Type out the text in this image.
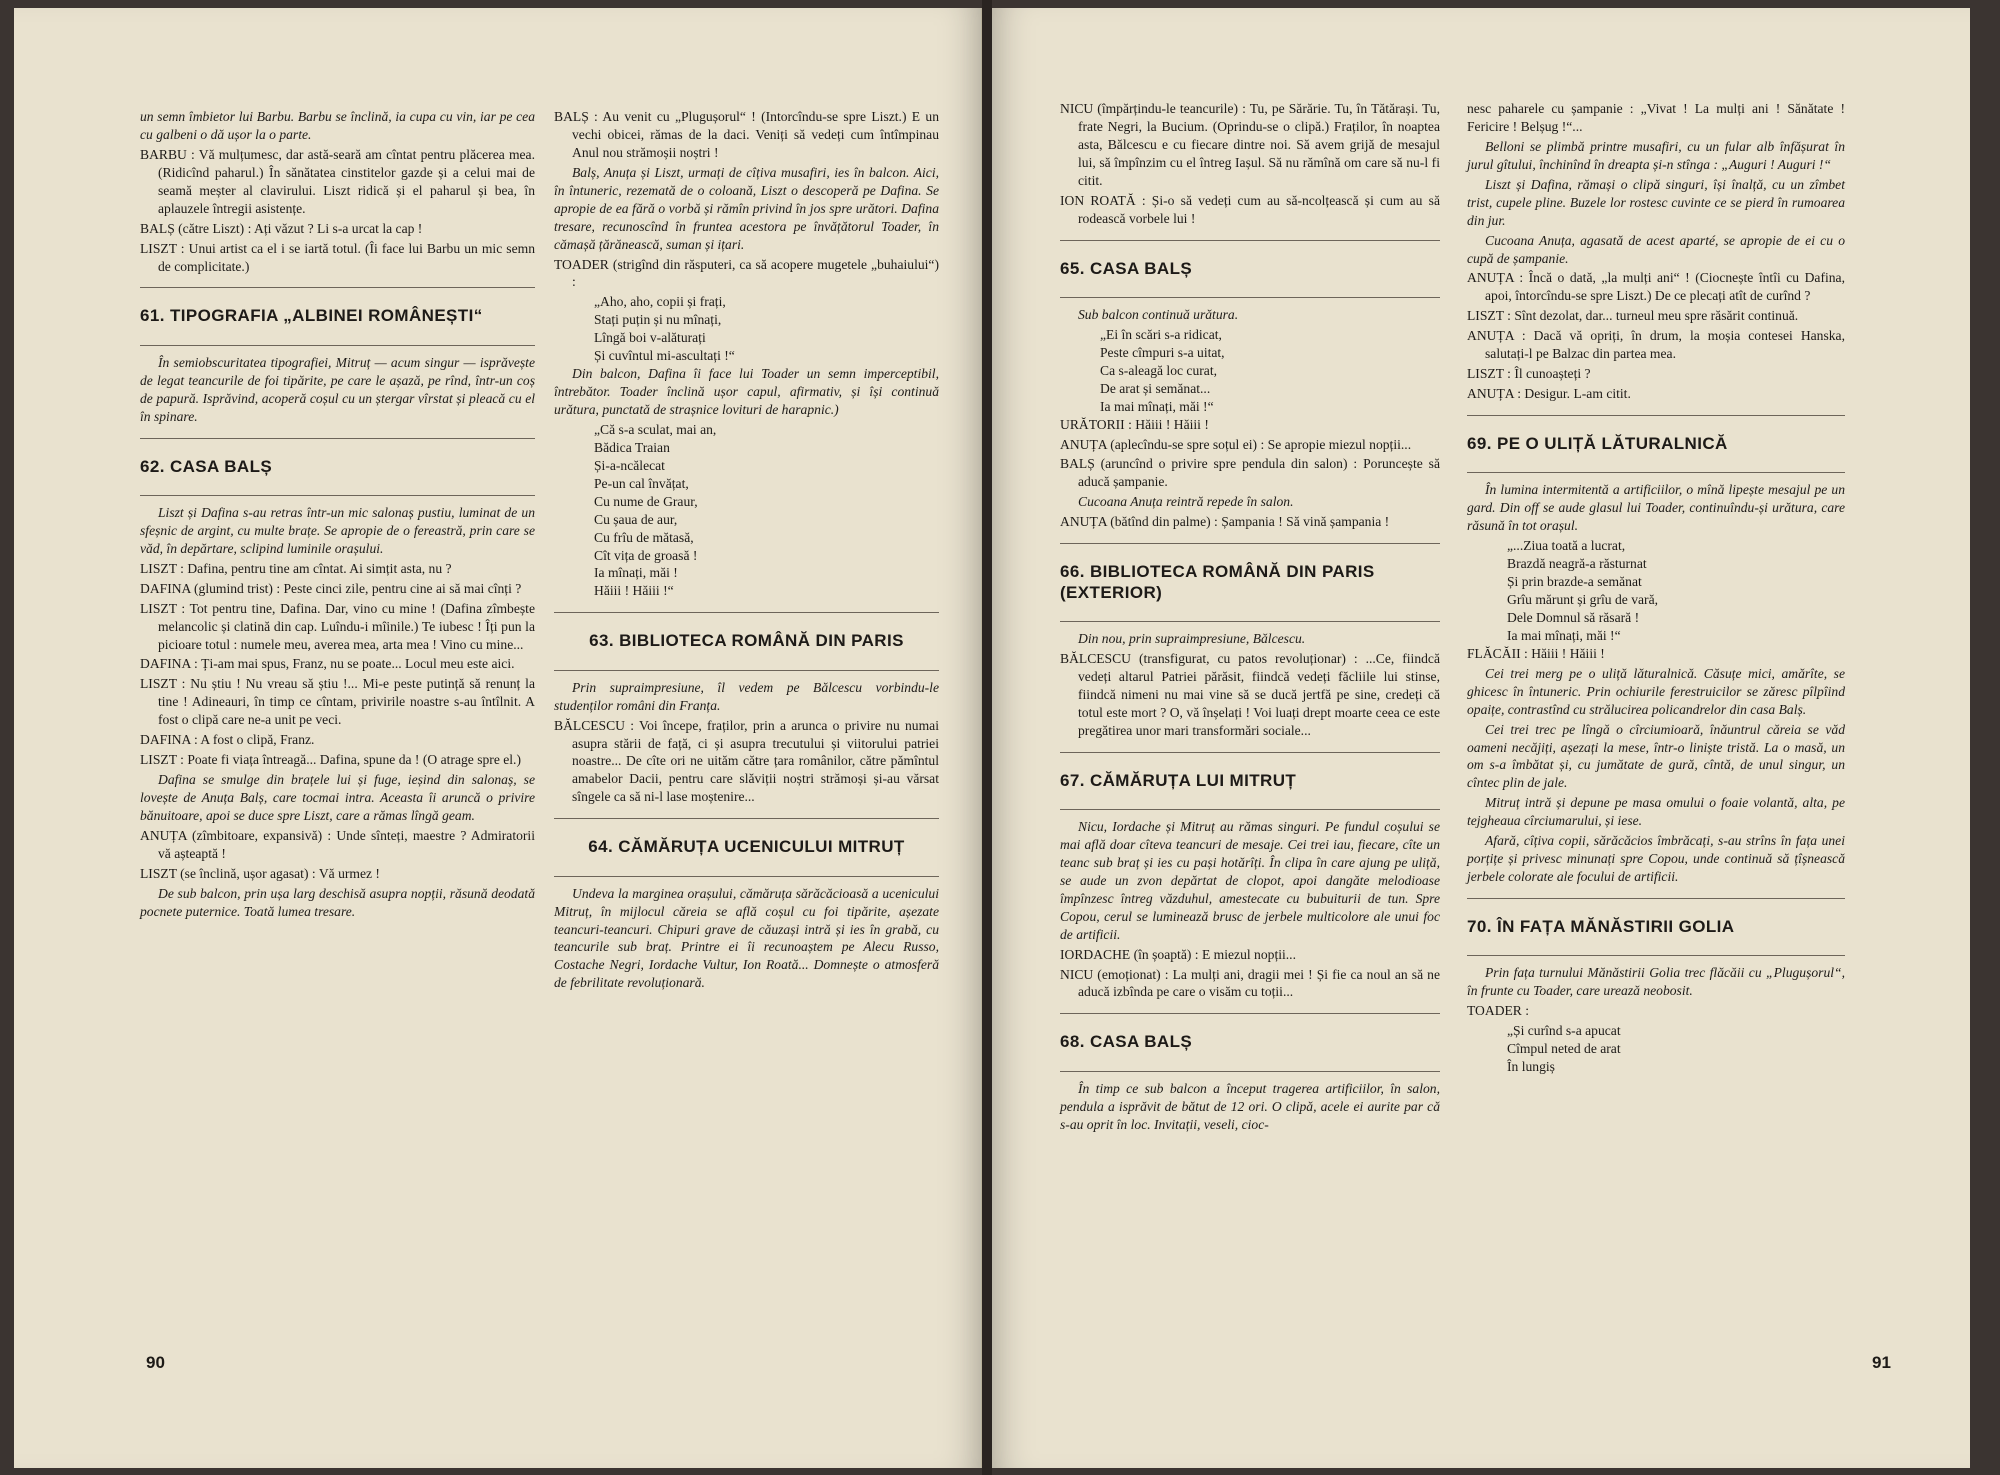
un semn îmbietor lui Barbu. Barbu se înclină, ia cupa cu vin, iar pe cea cu galbeni o dă ușor la o parte.

BARBU : Vă mulțumesc, dar astă-seară am cîntat pentru plăcerea mea. (Ridicînd paharul.) În sănătatea cinstitelor gazde și a celui mai de seamă meșter al clavirului. Liszt ridică și el paharul și bea, în aplauzele întregii asistențe.

BALȘ (către Liszt) : Ați văzut ? Li s-a urcat la cap !

LISZT : Unui artist ca el i se iartă totul. (Îi face lui Barbu un mic semn de complicitate.)

61. TIPOGRAFIA „ALBINEI ROMÂNEȘTI“

În semiobscuritatea tipografiei, Mitruț — acum singur — isprăvește de legat teancurile de foi tipărite, pe care le așază, pe rînd, într-un coș de papură. Isprăvind, acoperă coșul cu un ștergar vîrstat și pleacă cu el în spinare.

62. CASA BALȘ

Liszt și Dafina s-au retras într-un mic salonaș pustiu, luminat de un sfeșnic de argint, cu multe brațe. Se apropie de o fereastră, prin care se văd, în depărtare, sclipind luminile orașului.

LISZT : Dafina, pentru tine am cîntat. Ai simțit asta, nu ?

DAFINA (glumind trist) : Peste cinci zile, pentru cine ai să mai cînți ?

LISZT : Tot pentru tine, Dafina. Dar, vino cu mine ! (Dafina zîmbește melancolic și clatină din cap. Luîndu-i mîinile.) Te iubesc ! Îți pun la picioare totul : numele meu, averea mea, arta mea ! Vino cu mine...

DAFINA : Ți-am mai spus, Franz, nu se poate... Locul meu este aici.

LISZT : Nu știu ! Nu vreau să știu !... Mi-e peste putință să renunț la tine ! Adineauri, în timp ce cîntam, privirile noastre s-au întîlnit. A fost o clipă care ne-a unit pe veci.

DAFINA : A fost o clipă, Franz.

LISZT : Poate fi viața întreagă... Dafina, spune da ! (O atrage spre el.)

Dafina se smulge din brațele lui și fuge, ieșind din salonaș, se lovește de Anuța Balș, care tocmai intra. Aceasta îi aruncă o privire bănuitoare, apoi se duce spre Liszt, care a rămas lîngă geam.

ANUȚA (zîmbitoare, expansivă) : Unde sînteți, maestre ? Admiratorii vă așteaptă !

LISZT (se înclină, ușor agasat) : Vă urmez !

De sub balcon, prin ușa larg deschisă asupra nopții, răsună deodată pocnete puternice. Toată lumea tresare.

BALȘ : Au venit cu „Plugușorul“ ! (Intorcîndu-se spre Liszt.) E un vechi obicei, rămas de la daci. Veniți să vedeți cum întîmpinau Anul nou strămoșii noștri !

Balș, Anuța și Liszt, urmați de cîțiva musafiri, ies în balcon. Aici, în întuneric, rezemată de o coloană, Liszt o descoperă pe Dafina. Se apropie de ea fără o vorbă și rămîn privind în jos spre urători. Dafina tresare, recunoscînd în fruntea acestora pe învățătorul Toader, în cămașă țărănească, suman și ițari.

TOADER (strigînd din răsputeri, ca să acopere mugetele „buhaiului“) :

„Aho, aho, copii și frați,
Stați puțin și nu mînați,
Lîngă boi v-alăturați
Și cuvîntul mi-ascultați !“

Din balcon, Dafina îi face lui Toader un semn imperceptibil, întrebător. Toader înclină ușor capul, afirmativ, și își continuă urătura, punctată de strașnice lovituri de harapnic.)

„Că s-a sculat, mai an,
Bădica Traian
Și-a-ncălecat
Pe-un cal învățat,
Cu nume de Graur,
Cu șaua de aur,
Cu frîu de mătasă,
Cît vița de groasă !
Ia mînați, măi !
Hăiii ! Hăiii !“
63. BIBLIOTECA ROMÂNĂ DIN PARIS

Prin supraimpresiune, îl vedem pe Bălcescu vorbindu-le studenților români din Franța.

BĂLCESCU : Voi începe, fraților, prin a arunca o privire nu numai asupra stării de față, ci și asupra trecutului și viitorului patriei noastre... De cîte ori ne uităm către țara românilor, către pămîntul amabelor Dacii, pentru care slăviții noștri strămoși și-au vărsat sîngele ca să ni-l lase moștenire...

64. CĂMĂRUȚA UCENICULUI MITRUȚ

Undeva la marginea orașului, cămăruța sărăcăcioasă a ucenicului Mitruț, în mijlocul căreia se află coșul cu foi tipărite, așezate teancuri-teancuri. Chipuri grave de căuzași intră și ies în grabă, cu teancurile sub braț. Printre ei îi recunoaștem pe Alecu Russo, Costache Negri, Iordache Vultur, Ion Roată... Domnește o atmosferă de febrilitate revoluționară.

90

NICU (împărțindu-le teancurile) : Tu, pe Sărărie. Tu, în Tătărași. Tu, frate Negri, la Bucium. (Oprindu-se o clipă.) Fraților, în noaptea asta, Bălcescu e cu fiecare dintre noi. Să avem grijă de mesajul lui, să împînzim cu el întreg Iașul. Să nu rămînă om care să nu-l fi citit.

ION ROATĂ : Și-o să vedeți cum au să-ncolțească și cum au să rodească vorbele lui !

65. CASA BALȘ

Sub balcon continuă urătura.

„Ei în scări s-a ridicat,
Peste cîmpuri s-a uitat,
Ca s-aleagă loc curat,
De arat și semănat...
Ia mai mînați, măi !“

URĂTORII : Hăiii ! Hăiii !

ANUȚA (aplecîndu-se spre soțul ei) : Se apropie miezul nopții...

BALȘ (aruncînd o privire spre pendula din salon) : Poruncește să aducă șampanie.

Cucoana Anuța reintră repede în salon.

ANUȚA (bătînd din palme) : Șampania ! Să vină șampania !

66. BIBLIOTECA ROMÂNĂ DIN PARIS (EXTERIOR)

Din nou, prin supraimpresiune, Bălcescu.

BĂLCESCU (transfigurat, cu patos revoluționar) : ...Ce, fiindcă vedeți altarul Patriei părăsit, fiindcă vedeți făcliile lui stinse, fiindcă nimeni nu mai vine să se ducă jertfă pe sine, credeți că totul este mort ? O, vă înșelați ! Voi luați drept moarte ceea ce este pregătirea unor mari transformări sociale...

67. CĂMĂRUȚA LUI MITRUȚ

Nicu, Iordache și Mitruț au rămas singuri. Pe fundul coșului se mai află doar cîteva teancuri de mesaje. Cei trei iau, fiecare, cîte un teanc sub braț și ies cu pași hotărîți. În clipa în care ajung pe uliță, se aude un zvon depărtat de clopot, apoi dangăte melodioase împînzesc întreg văzduhul, amestecate cu bubuiturii de tun. Spre Copou, cerul se luminează brusc de jerbele multicolore ale unui foc de artificii.

IORDACHE (în șoaptă) : E miezul nopții...

NICU (emoționat) : La mulți ani, dragii mei ! Și fie ca noul an să ne aducă izbînda pe care o visăm cu toții...

68. CASA BALȘ

În timp ce sub balcon a început tragerea artificiilor, în salon, pendula a isprăvit de bătut de 12 ori. O clipă, acele ei aurite par că s-au oprit în loc. Invitații, veseli, cioc-

nesc paharele cu șampanie : „Vivat ! La mulți ani ! Sănătate ! Fericire ! Belșug !“...

Belloni se plimbă printre musafiri, cu un fular alb înfășurat în jurul gîtului, închinînd în dreapta și-n stînga : „Auguri ! Auguri !“

Liszt și Dafina, rămași o clipă singuri, își înalță, cu un zîmbet trist, cupele pline. Buzele lor rostesc cuvinte ce se pierd în rumoarea din jur.

Cucoana Anuța, agasată de acest aparté, se apropie de ei cu o cupă de șampanie.

ANUȚA : Încă o dată, „la mulți ani“ ! (Ciocnește întîi cu Dafina, apoi, întorcîndu-se spre Liszt.) De ce plecați atît de curînd ?

LISZT : Sînt dezolat, dar... turneul meu spre răsărit continuă.

ANUȚA : Dacă vă opriți, în drum, la moșia contesei Hanska, salutați-l pe Balzac din partea mea.

LISZT : Îl cunoașteți ?

ANUȚA : Desigur. L-am citit.

69. PE O ULIȚĂ LĂTURALNICĂ

În lumina intermitentă a artificiilor, o mînă lipește mesajul pe un gard. Din off se aude glasul lui Toader, continuîndu-și urătura, care răsună în tot orașul.

„...Ziua toată a lucrat,
Brazdă neagră-a răsturnat
Și prin brazde-a semănat
Grîu mărunt și grîu de vară,
Dele Domnul să răsară !
Ia mai mînați, măi !“

FLĂCĂII : Hăiii ! Hăiii !

Cei trei merg pe o uliță lăturalnică. Căsuțe mici, amărîte, se ghicesc în întuneric. Prin ochiurile ferestruicilor se zăresc pîlpîind opaițe, contrastînd cu strălucirea policandrelor din casa Balș.

Cei trei trec pe lîngă o cîrciumioară, înăuntrul căreia se văd oameni necăjiți, așezați la mese, într-o liniște tristă. La o masă, un om s-a îmbătat și, cu jumătate de gură, cîntă, de unul singur, un cîntec plin de jale.

Mitruț intră și depune pe masa omului o foaie volantă, alta, pe tejgheaua cîrciumarului, și iese.

Afară, cîțiva copii, sărăcăcios îmbrăcați, s-au strîns în fața unei porțițe și privesc minunați spre Copou, unde continuă să țîșnească jerbele colorate ale focului de artificii.

70. ÎN FAȚA MĂNĂSTIRII GOLIA

Prin fața turnului Mănăstirii Golia trec flăcăii cu „Plugușorul“, în frunte cu Toader, care urează neobosit.

TOADER :

„Și curînd s-a apucat
Cîmpul neted de arat
În lungiș
91
